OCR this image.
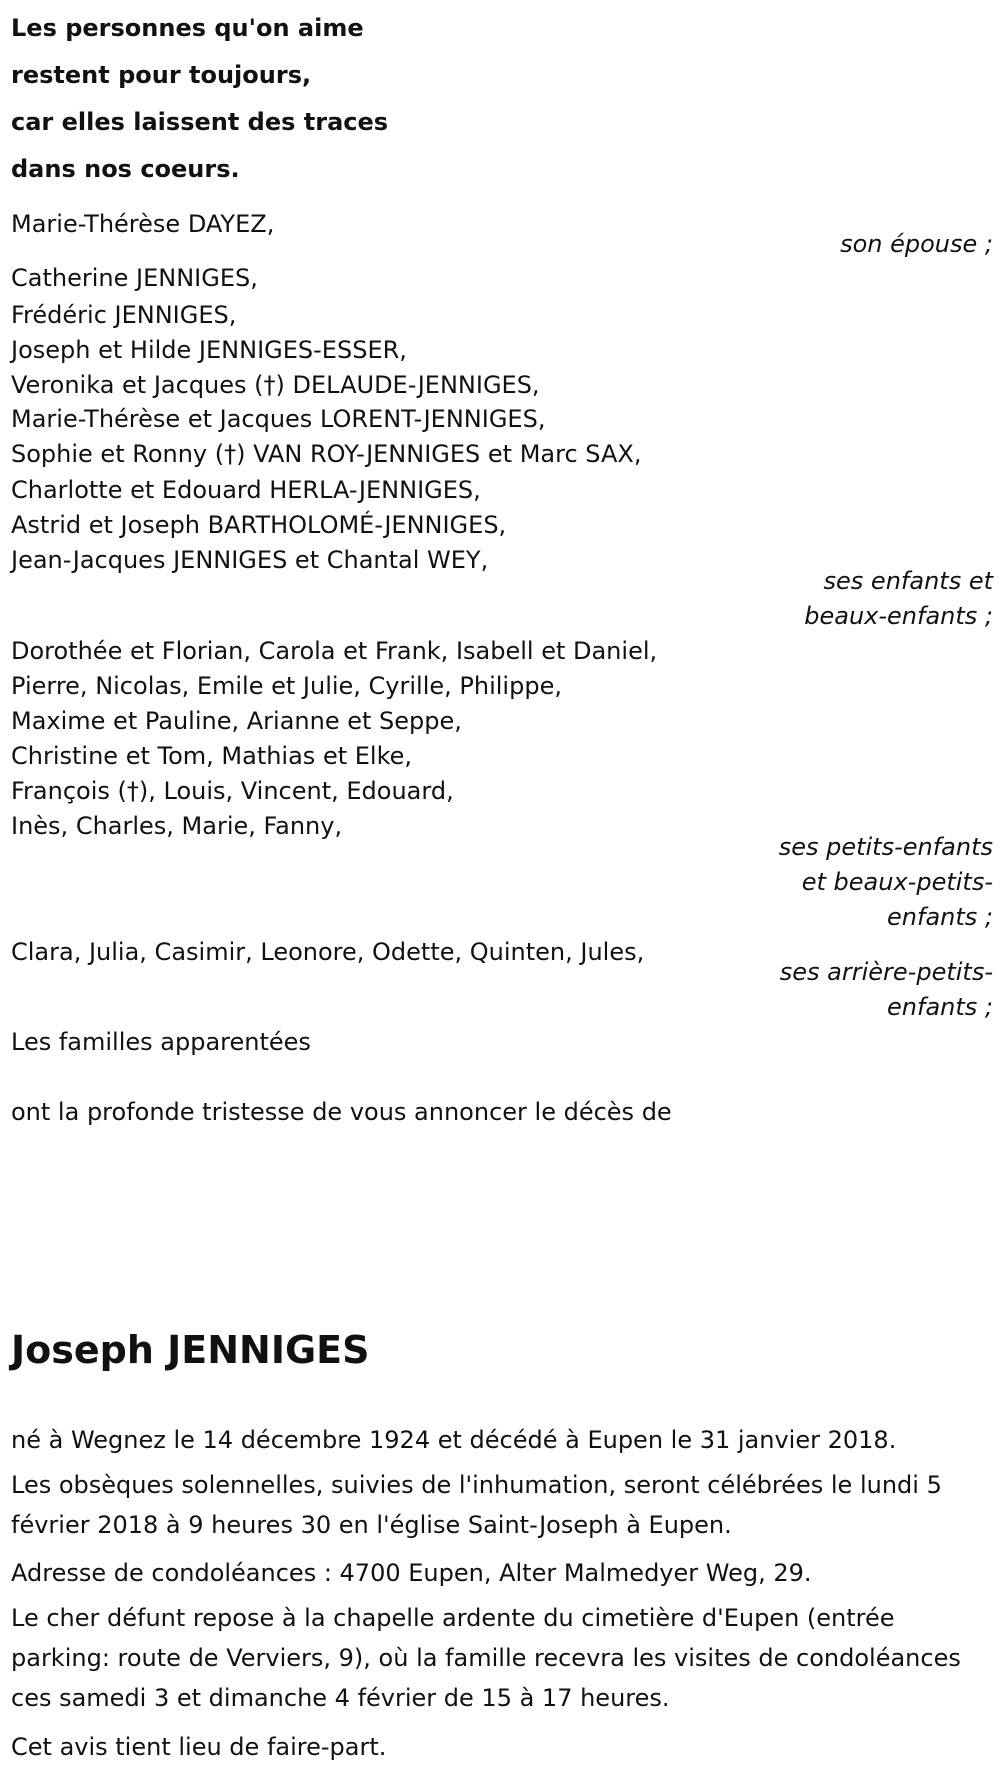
Les personnes qu'on aime
restent pour toujours,
car elles laissent des traces
dans nos coeurs.
Marie-Thérèse DAYEZ,
son épouse ;
Catherine JENNIGES,
Frédéric JENNIGES,
Joseph et Hilde JENNIGES-ESSER,
Veronika et Jacques (†) DELAUDE-JENNIGES,
Marie-Thérèse et Jacques LORENT-JENNIGES,
Sophie et Ronny (†) VAN ROY-JENNIGES et Marc SAX,
Charlotte et Edouard HERLA-JENNIGES,
Astrid et Joseph BARTHOLOMÉ-JENNIGES,
Jean-Jacques JENNIGES et Chantal WEY,
ses enfants et
beaux-enfants ;
Dorothée et Florian, Carola et Frank, Isabell et Daniel,
Pierre, Nicolas, Emile et Julie, Cyrille, Philippe,
Maxime et Pauline, Arianne et Seppe,
Christine et Tom, Mathias et Elke,
François (†), Louis, Vincent, Edouard,
Inès, Charles, Marie, Fanny,
ses petits-enfants
et beaux-petits-
enfants ;
Clara, Julia, Casimir, Leonore, Odette, Quinten, Jules,
ses arrière-petits-
enfants ;
Les familles apparentées
ont la profonde tristesse de vous annoncer le décès de
Joseph JENNIGES
né à Wegnez le 14 décembre 1924 et décédé à Eupen le 31 janvier 2018.
Les obsèques solennelles, suivies de l'inhumation, seront célébrées le lundi 5 février 2018 à 9 heures 30 en l'église Saint-Joseph à Eupen.
Adresse de condoléances : 4700 Eupen, Alter Malmedyer Weg, 29.
Le cher défunt repose à la chapelle ardente du cimetière d'Eupen (entrée parking: route de Verviers, 9), où la famille recevra les visites de condoléances ces samedi 3 et dimanche 4 février de 15 à 17 heures.
Cet avis tient lieu de faire-part.
